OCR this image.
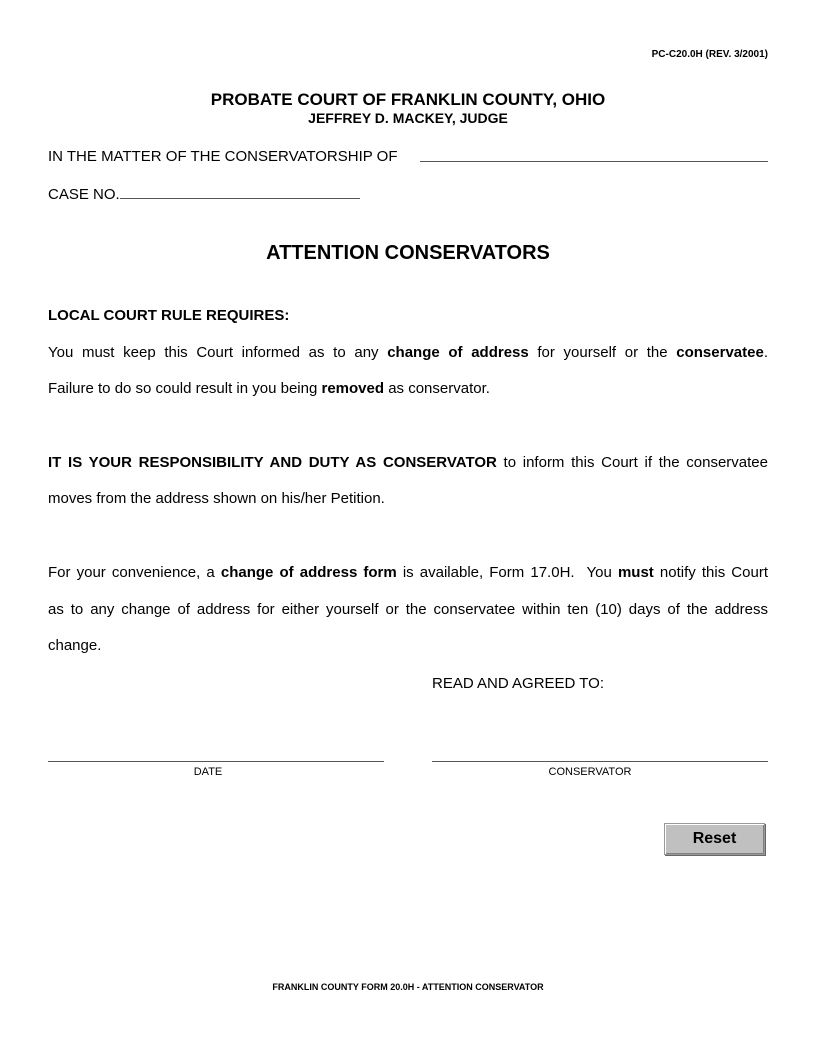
PC-C20.0H (REV. 3/2001)
PROBATE COURT OF FRANKLIN COUNTY, OHIO
JEFFREY D. MACKEY, JUDGE
IN THE MATTER OF THE CONSERVATORSHIP OF
CASE NO.
ATTENTION CONSERVATORS
LOCAL COURT RULE REQUIRES:
You must keep this Court informed as to any change of address for yourself or the conservatee.
Failure to do so could result in you being removed as conservator.
IT IS YOUR RESPONSIBILITY AND DUTY AS CONSERVATOR to inform this Court if the conservatee
moves from the address shown on his/her Petition.
For your convenience, a change of address form is available, Form 17.0H.  You must notify this Court
as to any change of address for either yourself or the conservatee within ten (10) days of the address
change.
READ AND AGREED TO:
DATE	CONSERVATOR
Reset
FRANKLIN COUNTY FORM 20.0H - ATTENTION CONSERVATOR
